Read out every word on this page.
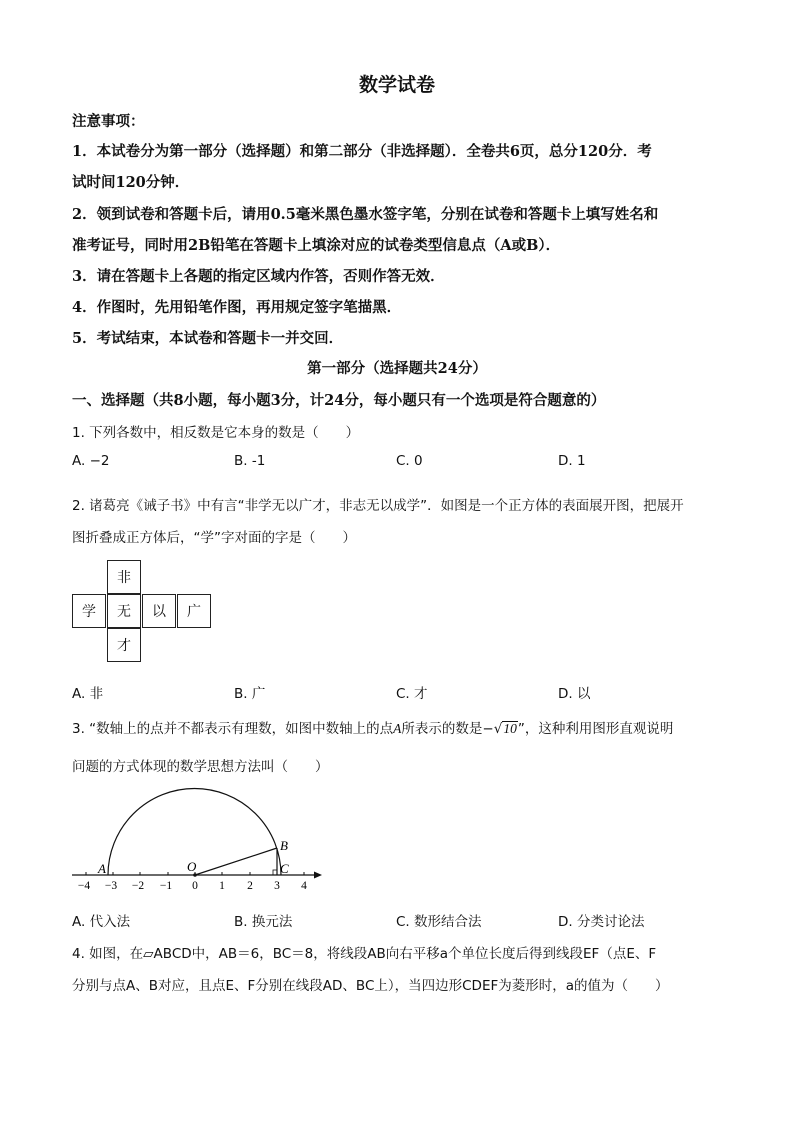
数学试卷
注意事项：
1．本试卷分为第一部分（选择题）和第二部分（非选择题）．全卷共6页，总分120分．考
试时间120分钟．
2．领到试卷和答题卡后，请用0.5毫米黑色墨水签字笔，分别在试卷和答题卡上填写姓名和
准考证号，同时用2B铅笔在答题卡上填涂对应的试卷类型信息点（A或B）．
3．请在答题卡上各题的指定区域内作答，否则作答无效．
4．作图时，先用铅笔作图，再用规定签字笔描黑．
5．考试结束，本试卷和答题卡一并交回．
第一部分（选择题共24分）
一、选择题（共8小题，每小题3分，计24分，每小题只有一个选项是符合题意的）
1. 下列各数中，相反数是它本身的数是（　　）
A. −2	B. -1	C. 0	D. 1
2. 诸葛亮《诫子书》中有言“非学无以广才，非志无以成学”．如图是一个正方体的表面展开图，把展开
图折叠成正方体后，“学”字对面的字是（　　）
非
学	无	以	广
才
A. 非	B. 广	C. 才	D. 以
3. “数轴上的点并不都表示有理数，如图中数轴上的点A所表示的数是−√10”，这种利用图形直观说明
问题的方式体现的数学思想方法叫（　　）
A	O
B
C
−4 −3 −2 −1 0 1 2 3 4
A. 代入法	B. 换元法	C. 数形结合法	D. 分类讨论法
4. 如图，在▱ABCD中，AB＝6，BC＝8，将线段AB向右平移a个单位长度后得到线段EF（点E、F
分别与点A、B对应，且点E、F分别在线段AD、BC上），当四边形CDEF为菱形时，a的值为（　　）
